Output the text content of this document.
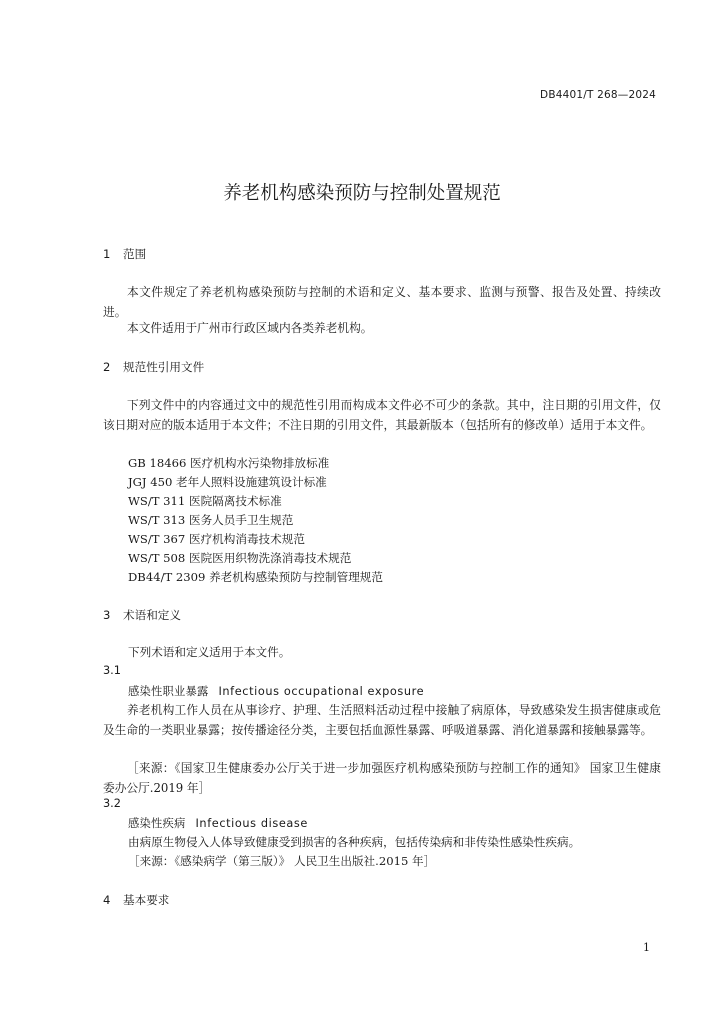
DB4401/T 268—2024
养老机构感染预防与控制处置规范
1 范围
本文件规定了养老机构感染预防与控制的术语和定义、基本要求、监测与预警、报告及处置、持续改进。
本文件适用于广州市行政区域内各类养老机构。
2 规范性引用文件
下列文件中的内容通过文中的规范性引用而构成本文件必不可少的条款。其中，注日期的引用文件，仅该日期对应的版本适用于本文件；不注日期的引用文件，其最新版本（包括所有的修改单）适用于本文件。
GB 18466 医疗机构水污染物排放标准
JGJ 450 老年人照料设施建筑设计标准
WS/T 311 医院隔离技术标准
WS/T 313 医务人员手卫生规范
WS/T 367 医疗机构消毒技术规范
WS/T 508 医院医用织物洗涤消毒技术规范
DB44/T 2309 养老机构感染预防与控制管理规范
3 术语和定义
下列术语和定义适用于本文件。
3.1
感染性职业暴露 Infectious occupational exposure
养老机构工作人员在从事诊疗、护理、生活照料活动过程中接触了病原体，导致感染发生损害健康或危及生命的一类职业暴露；按传播途径分类，主要包括血源性暴露、呼吸道暴露、消化道暴露和接触暴露等。
［来源：《国家卫生健康委办公厅关于进一步加强医疗机构感染预防与控制工作的通知》 国家卫生健康委办公厅.2019 年］
3.2
感染性疾病 Infectious disease
由病原生物侵入人体导致健康受到损害的各种疾病，包括传染病和非传染性感染性疾病。
［来源：《感染病学（第三版）》 人民卫生出版社.2015 年］
4 基本要求
1
